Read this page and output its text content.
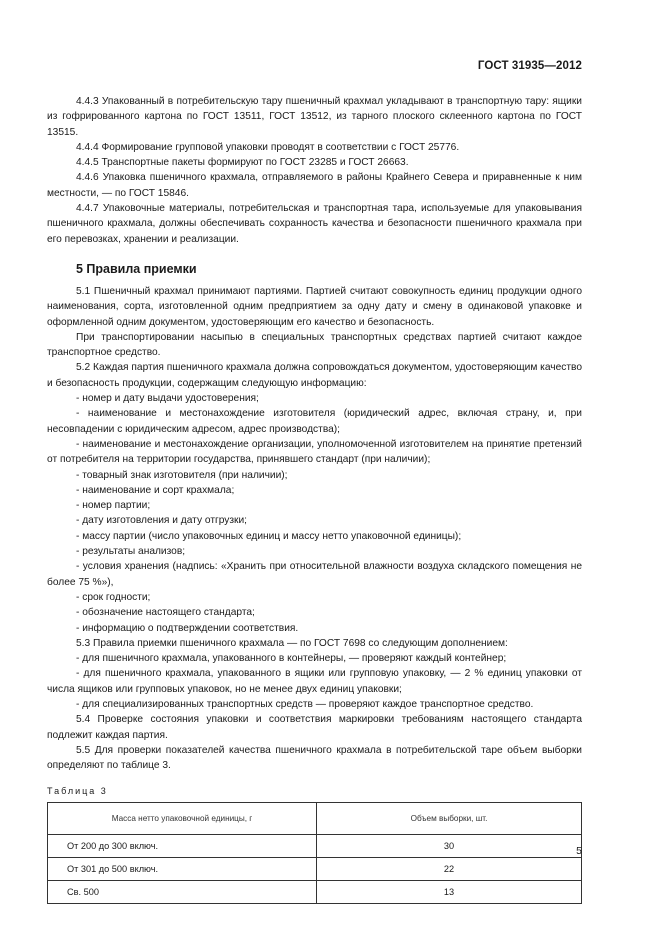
ГОСТ 31935—2012

4.4.3 Упакованный в потребительскую тару пшеничный крахмал укладывают в транспортную тару: ящики из гофрированного картона по ГОСТ 13511, ГОСТ 13512, из тарного плоского склеенного картона по ГОСТ 13515.

4.4.4 Формирование групповой упаковки проводят в соответствии с ГОСТ 25776.

4.4.5 Транспортные пакеты формируют по ГОСТ 23285 и ГОСТ 26663.

4.4.6 Упаковка пшеничного крахмала, отправляемого в районы Крайнего Севера и приравненные к ним местности, — по ГОСТ 15846.

4.4.7 Упаковочные материалы, потребительская и транспортная тара, используемые для упаковывания пшеничного крахмала, должны обеспечивать сохранность качества и безопасности пшеничного крахмала при его перевозках, хранении и реализации.

5 Правила приемки

5.1 Пшеничный крахмал принимают партиями. Партией считают совокупность единиц продукции одного наименования, сорта, изготовленной одним предприятием за одну дату и смену в одинаковой упаковке и оформленной одним документом, удостоверяющим его качество и безопасность.

При транспортировании насыпью в специальных транспортных средствах партией считают каждое транспортное средство.

5.2 Каждая партия пшеничного крахмала должна сопровождаться документом, удостоверяющим качество и безопасность продукции, содержащим следующую информацию:

- номер и дату выдачи удостоверения;

- наименование и местонахождение изготовителя (юридический адрес, включая страну, и, при несовпадении с юридическим адресом, адрес производства);

- наименование и местонахождение организации, уполномоченной изготовителем на принятие претензий от потребителя на территории государства, принявшего стандарт (при наличии);

- товарный знак изготовителя (при наличии);

- наименование и сорт крахмала;

- номер партии;

- дату изготовления и дату отгрузки;

- массу партии (число упаковочных единиц и массу нетто упаковочной единицы);

- результаты анализов;

- условия хранения (надпись: «Хранить при относительной влажности воздуха складского помещения не более 75 %»),

- срок годности;

- обозначение настоящего стандарта;

- информацию о подтверждении соответствия.

5.3 Правила приемки пшеничного крахмала — по ГОСТ 7698 со следующим дополнением:

- для пшеничного крахмала, упакованного в контейнеры, — проверяют каждый контейнер;

- для пшеничного крахмала, упакованного в ящики или групповую упаковку, — 2 % единиц упаковки от числа ящиков или групповых упаковок, но не менее двух единиц упаковки;

- для специализированных транспортных средств — проверяют каждое транспортное средство.

5.4 Проверке состояния упаковки и соответствия маркировки требованиям настоящего стандарта подлежит каждая партия.

5.5 Для проверки показателей качества пшеничного крахмала в потребительской таре объем выборки определяют по таблице 3.

Таблица 3
Масса нетто упаковочной единицы, г	Объем выборки, шт.
От 200 до 300 включ.	30
От 301 до 500 включ.	22
Св. 500	13
5
